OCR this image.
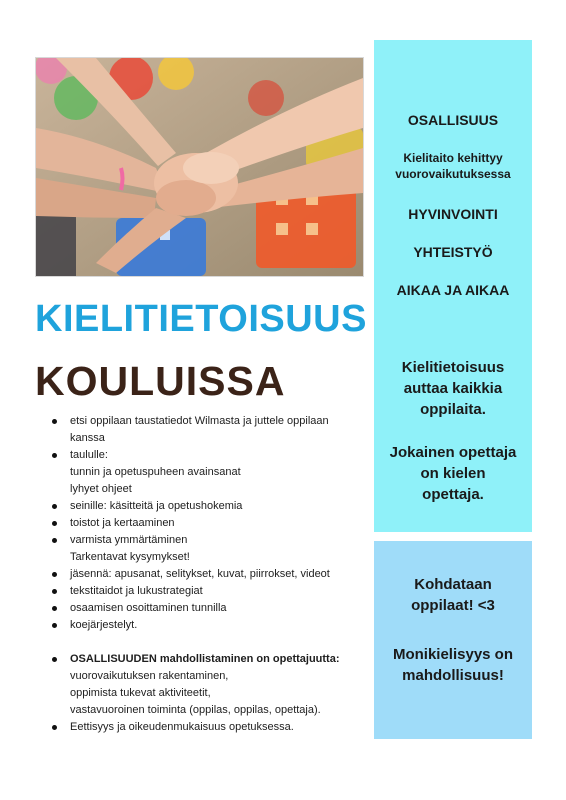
KIELITIETOISUUS
KOULUISSA
etsi oppilaan taustatiedot Wilmasta ja juttele oppilaan
kanssa
taululle:
tunnin ja opetuspuheen avainsanat
lyhyet ohjeet
seinille: käsitteitä ja opetushokemia
toistot ja kertaaminen
varmista ymmärtäminen
Tarkentavat kysymykset!
jäsennä: apusanat, selitykset, kuvat, piirrokset, videot
tekstitaidot ja lukustrategiat
osaamisen osoittaminen tunnilla
koejärjestelyt.
OSALLISUUDEN mahdollistaminen on opettajuutta:
vuorovaikutuksen rakentaminen,
oppimista tukevat aktiviteetit,
vastavuoroinen toiminta (oppilas, oppilas, opettaja).
Eettisyys ja oikeudenmukaisuus opetuksessa.
OSALLISUUS
Kielitaito kehittyy
vuorovaikutuksessa
HYVINVOINTI
YHTEISTYÖ
AIKAA JA AIKAA
Kielitietoisuus
auttaa kaikkia
oppilaita.
Jokainen opettaja
on kielen
opettaja.
Kohdataan
oppilaat! <3
Monikielisyys on
mahdollisuus!
